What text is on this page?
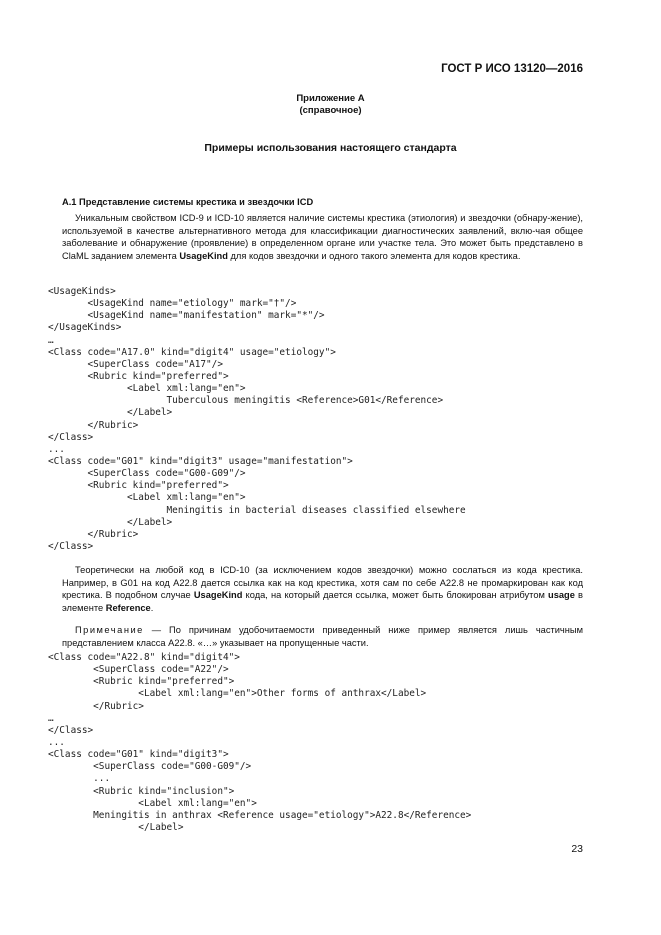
ГОСТ Р ИСО 13120—2016
Приложение А
(справочное)
Примеры использования настоящего стандарта
А.1 Представление системы крестика и звездочки ICD

Уникальным свойством ICD-9 и ICD-10 является наличие системы крестика (этиология) и звездочки (обнару-жение), используемой в качестве альтернативного метода для классификации диагностических заявлений, вклю-чая общее заболевание и обнаружение (проявление) в определенном органе или участке тела. Это может быть представлено в ClaML заданием элемента UsageKind для кодов звездочки и одного такого элемента для кодов крестика.

<UsageKinds>
<UsageKind name="etiology" mark="†"/>
<UsageKind name="manifestation" mark="*"/>
</UsageKinds>
…
<Class code="A17.0" kind="digit4" usage="etiology">
<SuperClass code="A17"/>
<Rubric kind="preferred">
<Label xml:lang="en">
Tuberculous meningitis <Reference>G01</Reference>
</Label>
</Rubric>
</Class>
...
<Class code="G01" kind="digit3" usage="manifestation">
<SuperClass code="G00-G09"/>
<Rubric kind="preferred">
<Label xml:lang="en">
Meningitis in bacterial diseases classified elsewhere
</Label>
</Rubric>
</Class>

Теоретически на любой код в ICD-10 (за исключением кодов звездочки) можно сослаться из кода крестика. Например, в G01 на код A22.8 дается ссылка как на код крестика, хотя сам по себе A22.8 не промаркирован как код крестика. В подобном случае UsageKind кода, на который дается ссылка, может быть блокирован атрибутом usage в элементе Reference.

Примечание — По причинам удобочитаемости приведенный ниже пример является лишь частичным представлением класса A22.8. «…» указывает на пропущенные части.

<Class code="A22.8" kind="digit4">
<SuperClass code="A22"/>
<Rubric kind="preferred">
<Label xml:lang="en">Other forms of anthrax</Label>
</Rubric>
…
</Class>
...
<Class code="G01" kind="digit3">
<SuperClass code="G00-G09"/>
...
<Rubric kind="inclusion">
<Label xml:lang="en">
Meningitis in anthrax <Reference usage="etiology">A22.8</Reference>
</Label>
23
